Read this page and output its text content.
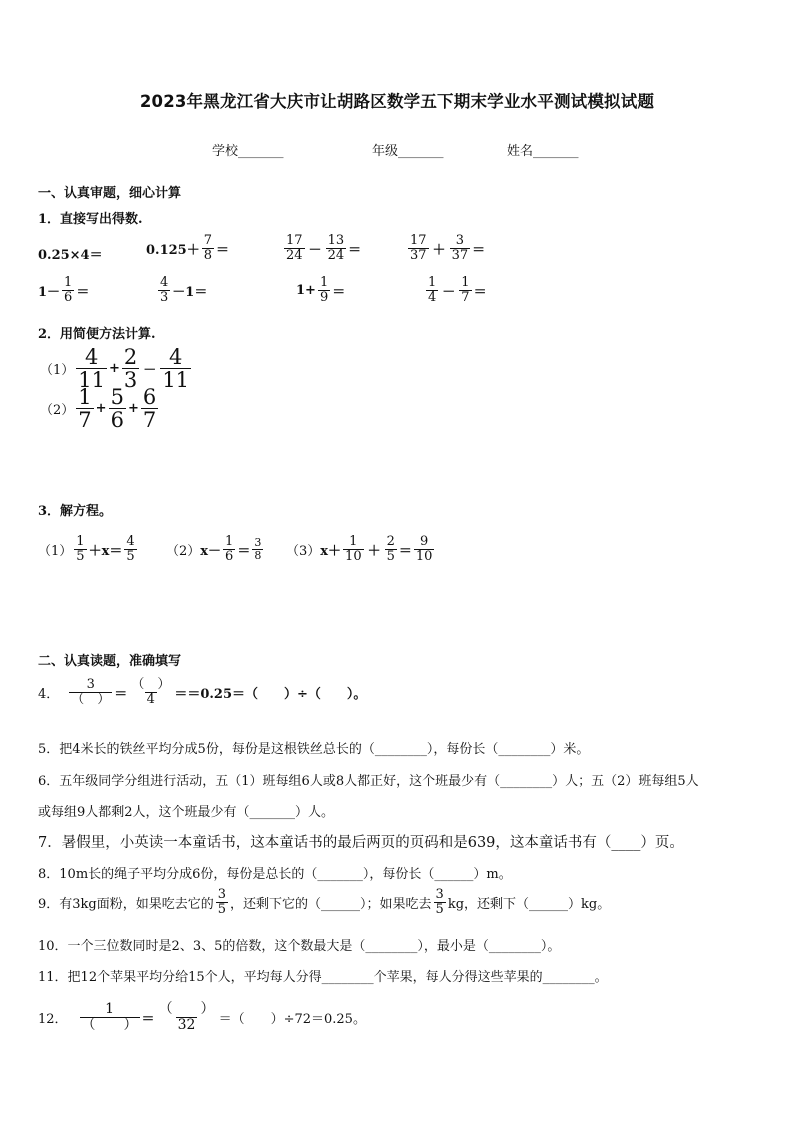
2023年黑龙江省大庆市让胡路区数学五下期末学业水平测试模拟试题
学校_______	年级_______	姓名_______
一、认真审题，细心计算
1．直接写出得数.
0.25×4＝	$0.125+ \frac{7}{8}$ ＝	$\frac{17}{24} - \frac{13}{24}$ ＝	$\frac{17}{37} + \frac{3}{37}$ ＝
$1- \frac{1}{6}$ ＝	$\frac{4}{3} -1=$	$1+ \frac{1}{9}$ ＝	$\frac{1}{4} - \frac{1}{7}$ ＝
2．用简便方法计算.
$(1) \frac{4}{11} + \frac{2}{3} - \frac{4}{11}$
$(2) \frac{1}{7} + \frac{5}{6} + \frac{6}{7}$
3．解方程。
$(1) \frac{1}{5} +x= \frac{4}{5} (2)$ $x- \frac{1}{6} = \frac{3}{8} (3)$ $x+ \frac{1}{10} + \frac{2}{5} = \frac{9}{10}$
二、认真读题，准确填写
4． $\frac{3}{( )} = \frac{( )}{4} ==0.25=$（　　）÷（　　）。
5．把4米长的铁丝平均分成5份，每份是这根铁丝总长的（________），每份长（________）米。
6．五年级同学分组进行活动，五（1）班每组6人或8人都正好，这个班最少有（________）人；五（2）班每组5人
或每组9人都剩2人，这个班最少有（_______）人。
7．暑假里，小英读一本童话书，这本童话书的最后两页的页码和是639，这本童话书有（____）页。
8．10m长的绳子平均分成6份，每份是总长的（_______），每份长（______）m。
9．有3kg面粉，如果吃去它的 $\frac{3}{5}$ ，还剩下它的（______）；如果吃去 $\frac{3}{5}$ kg，还剩下（______）kg。
10．一个三位数同时是2、3、5的倍数，这个数最大是（________），最小是（________）。
11．把12个苹果平均分给15个人，平均每人分得________个苹果，每人分得这些苹果的________。
12． $\frac{1}{( )} = \frac{( )}{32}$ ＝（　　）÷72＝0.25。
